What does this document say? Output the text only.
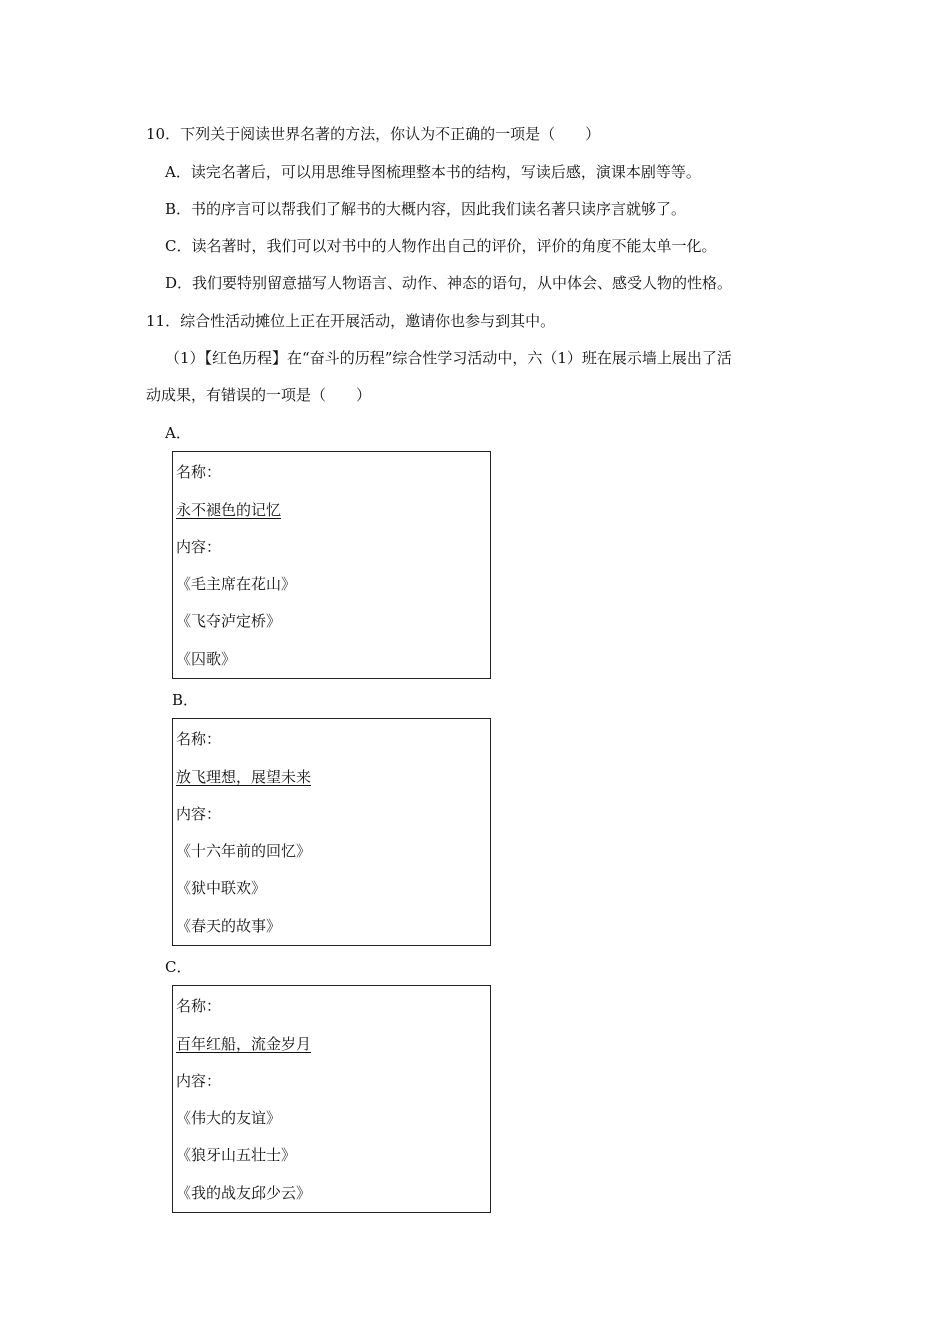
10．下列关于阅读世界名著的方法，你认为不正确的一项是（　　）
A．读完名著后，可以用思维导图梳理整本书的结构，写读后感，演课本剧等等。
B．书的序言可以帮我们了解书的大概内容，因此我们读名著只读序言就够了。
C．读名著时，我们可以对书中的人物作出自己的评价，评价的角度不能太单一化。
D．我们要特别留意描写人物语言、动作、神态的语句，从中体会、感受人物的性格。
11．综合性活动摊位上正在开展活动，邀请你也参与到其中。
（1）【红色历程】在“奋斗的历程”综合性学习活动中，六（1）班在展示墙上展出了活
动成果，有错误的一项是（　　）
A．
名称：
永不褪色的记忆
内容：
《毛主席在花山》
《飞夺泸定桥》
《囚歌》
B．
名称：
放飞理想，展望未来
内容：
《十六年前的回忆》
《狱中联欢》
《春天的故事》
C．
名称：
百年红船，流金岁月
内容：
《伟大的友谊》
《狼牙山五壮士》
《我的战友邱少云》
